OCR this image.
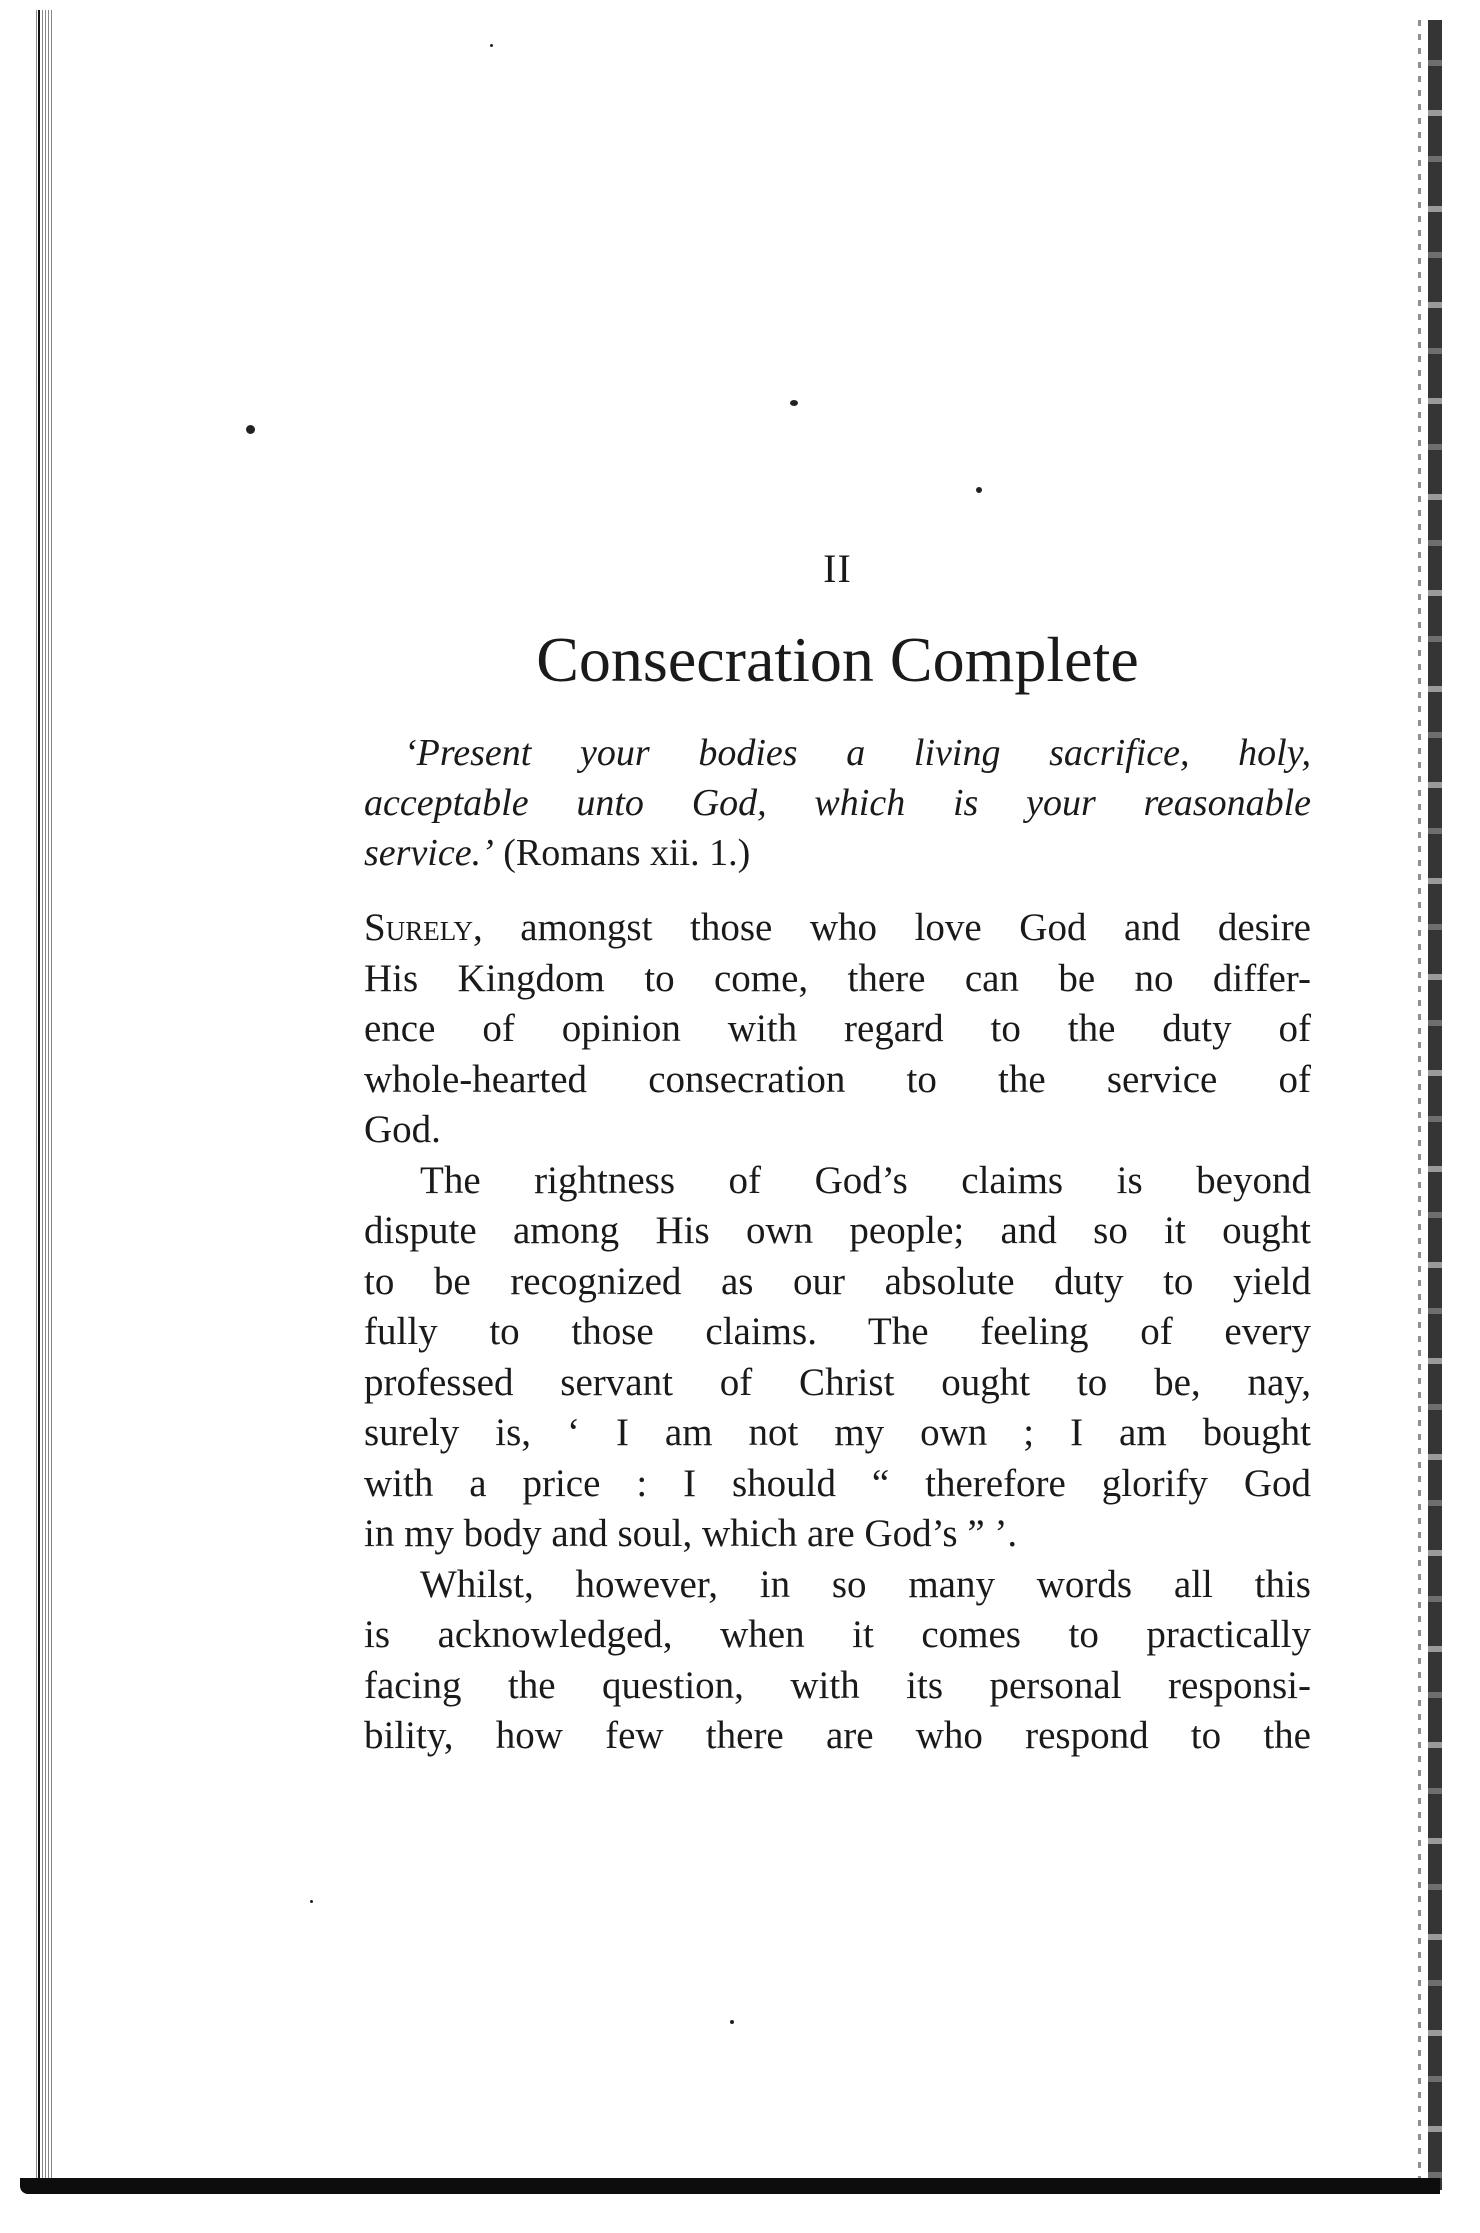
II
Consecration Complete
‘Present your bodies a living sacrifice, holy,
acceptable unto God, which is your reasonable
service.’ (Romans xii. 1.)
Surely, amongst those who love God and desire
His Kingdom to come, there can be no differ-
ence of opinion with regard to the duty of
whole-hearted consecration to the service of
God.
The rightness of God’s claims is beyond
dispute among His own people; and so it ought
to be recognized as our absolute duty to yield
fully to those claims. The feeling of every
professed servant of Christ ought to be, nay,
surely is, ‘ I am not my own ; I am bought
with a price : I should “ therefore glorify God
in my body and soul, which are God’s ” ’.
Whilst, however, in so many words all this
is acknowledged, when it comes to practically
facing the question, with its personal responsi-
bility, how few there are who respond to the
